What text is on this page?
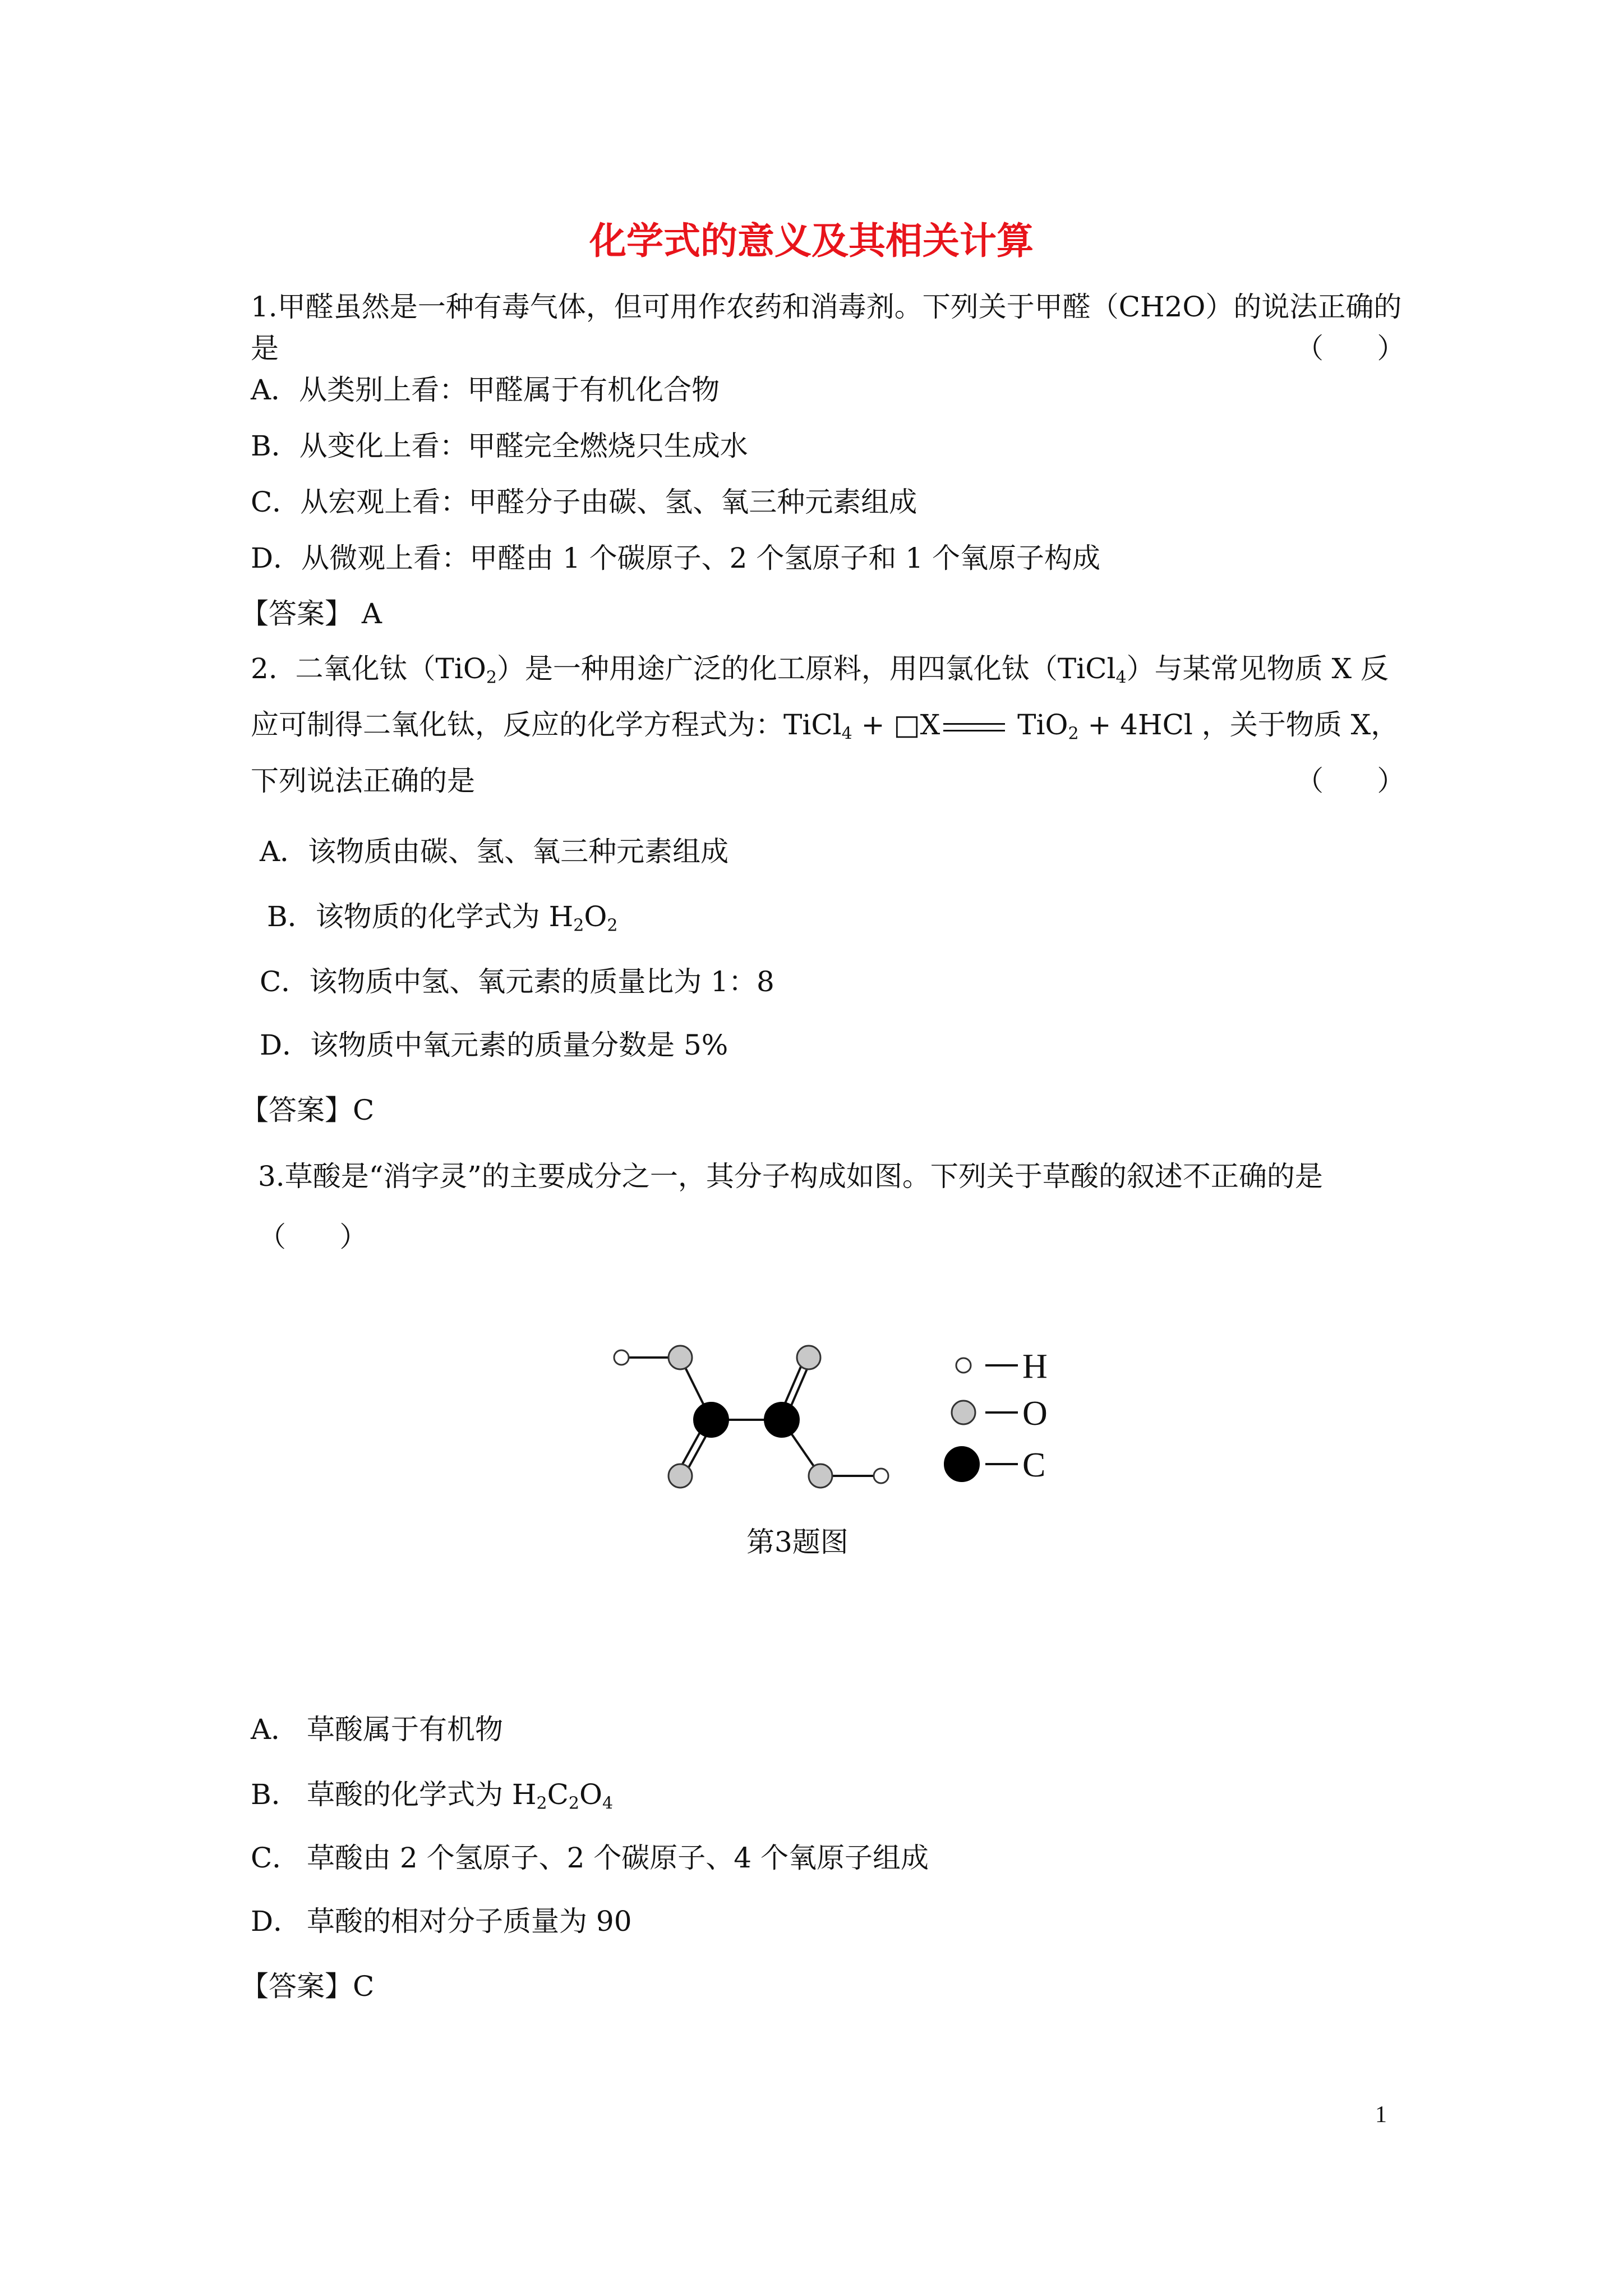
化学式的意义及其相关计算
1.甲醛虽然是一种有毒气体，但可用作农药和消毒剂。下列关于甲醛（CH2O）的说法正确的
是	（      ）
A．从类别上看：甲醛属于有机化合物
B．从变化上看：甲醛完全燃烧只生成水
C．从宏观上看：甲醛分子由碳、氢、氧三种元素组成
D．从微观上看：甲醛由 1 个碳原子、2 个氢原子和 1 个氧原子构成
【答案】 A
2.  二氧化钛（TiO$_2$）是一种用途广泛的化工原料，用四氯化钛（TiCl$_4$）与某常见物质 X 反
应可制得二氧化钛，反应的化学方程式为：TiCl$_4$ + □X TiO$_2$ + 4HCl ，关于物质 X，
下列说法正确的是	（      ）
A．该物质由碳、氢、氧三种元素组成
B．该物质的化学式为 $H_2O_2$
C．该物质中氢、氧元素的质量比为 1：8
D．该物质中氧元素的质量分数是 5%
【答案】C
3.草酸是“消字灵”的主要成分之一，其分子构成如图。下列关于草酸的叙述不正确的是
（      ）
H
O
C
第3题图
A． 草酸属于有机物
B． 草酸的化学式为 $H_2C_2O_4$
C． 草酸由 2 个氢原子、2 个碳原子、4 个氧原子组成
D． 草酸的相对分子质量为 90
【答案】C
1
